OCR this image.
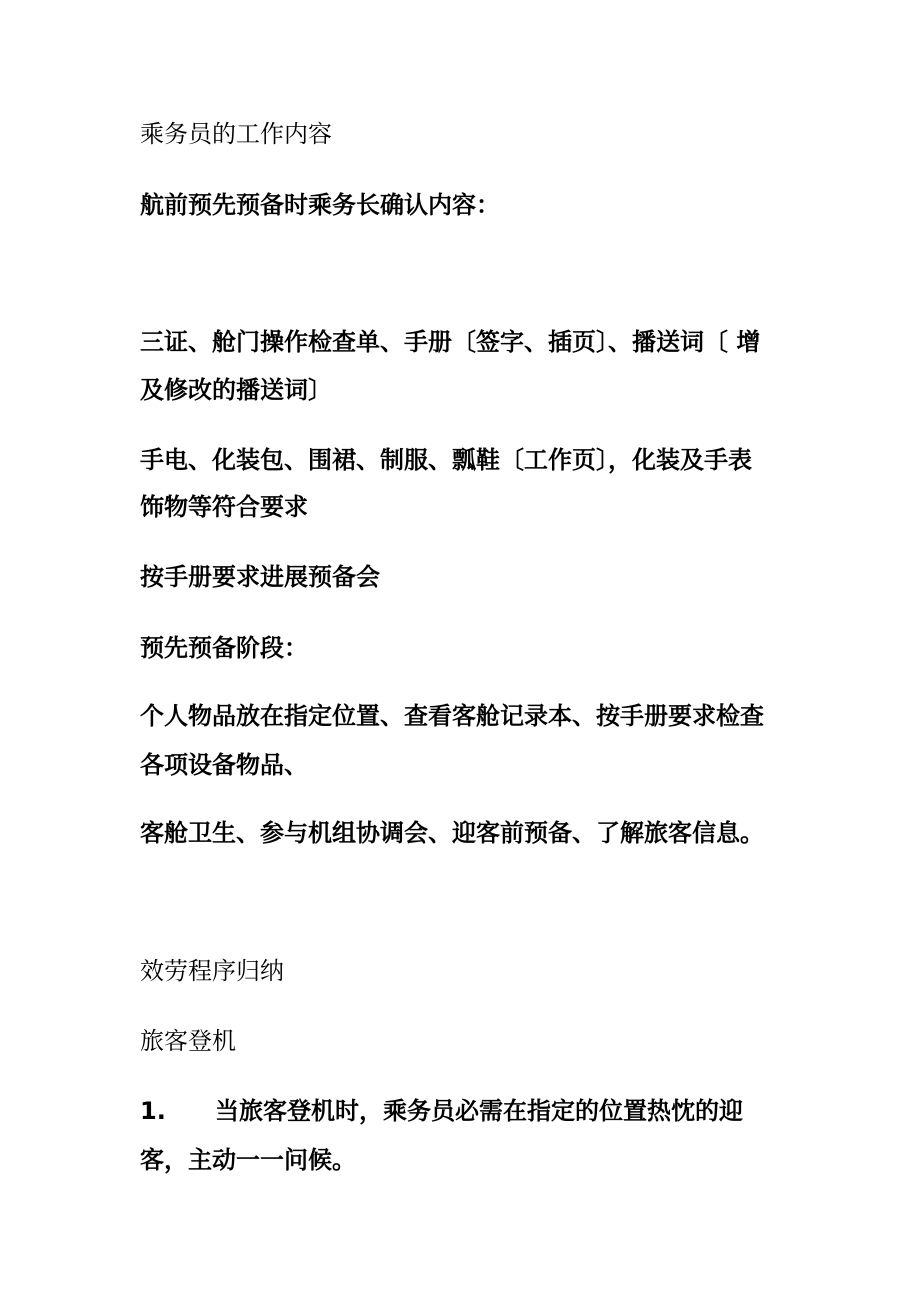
乘务员的工作内容

航前预先预备时乘务长确认内容：

三证、舱门操作检查单、手册〔签字、插页〕、播送词〔 增

及修改的播送词〕

手电、化装包、围裙、制服、瓢鞋〔工作页〕，化装及手表

饰物等符合要求

按手册要求进展预备会

预先预备阶段：

个人物品放在指定位置、查看客舱记录本、按手册要求检查

各项设备物品、

客舱卫生、参与机组协调会、迎客前预备、了解旅客信息。

效劳程序归纳

旅客登机

1. 当旅客登机时，乘务员必需在指定的位置热忱的迎

客，主动一一问候。
